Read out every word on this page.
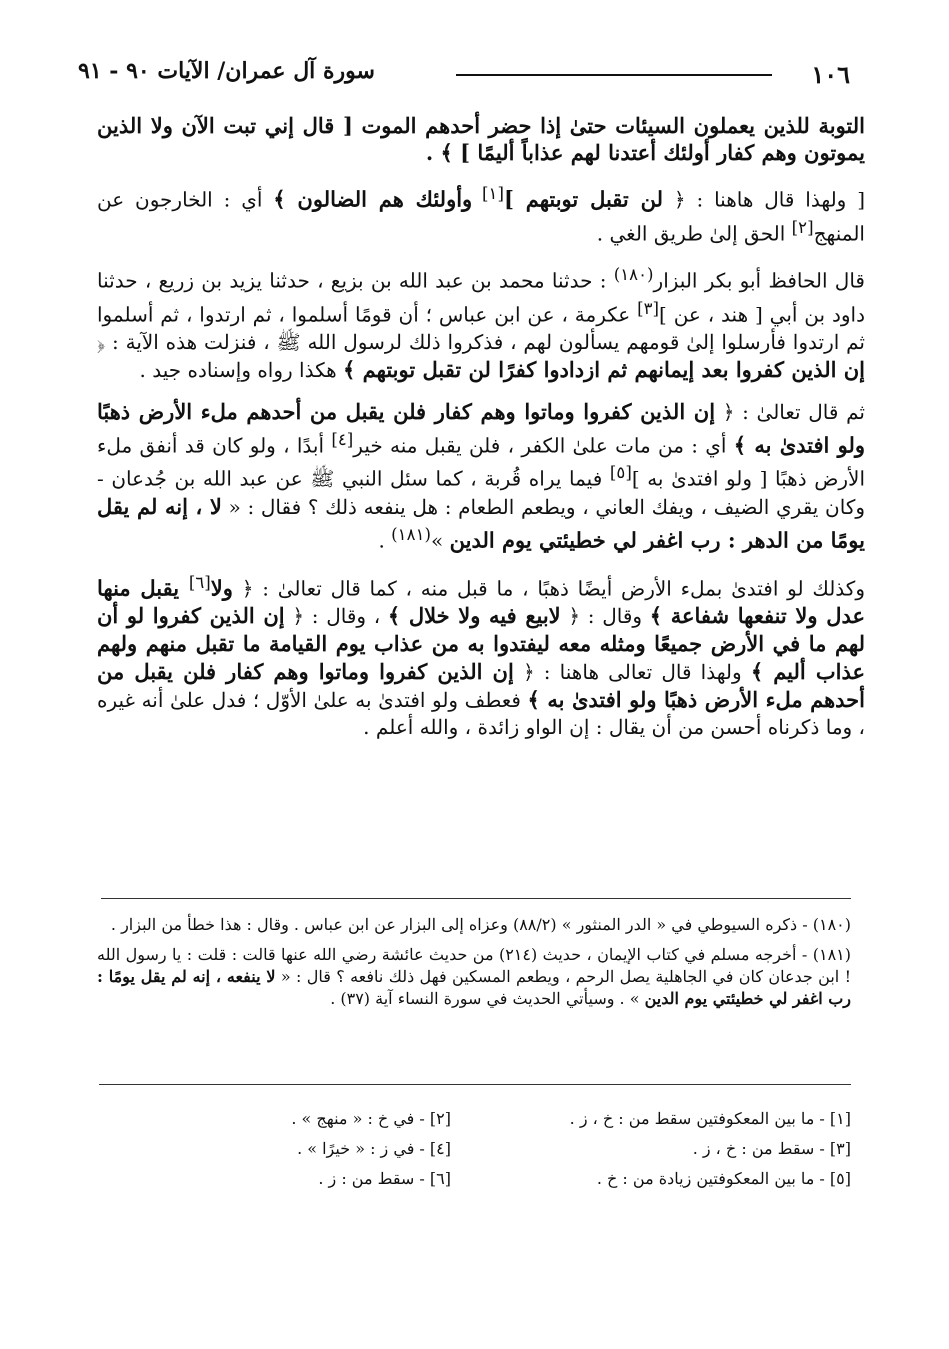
١٠٦
سورة آل عمران/ الآيات ٩٠ - ٩١

التوبة للذين يعملون السيئات حتىٰ إذا حضر أحدهم الموت [ قال إني تبت الآن ولا الذين يموتون وهم كفار أولئك أعتدنا لهم عذاباً أليمًا ] ﴾ .

[ ولهذا قال هاهنا : ﴿ لن تقبل توبتهم ][١] وأولئك هم الضالون ﴾ أي : الخارجون عن المنهج[٢] الحق إلىٰ طريق الغي .

قال الحافظ أبو بكر البزار$^{(١٨٠)}$ : حدثنا محمد بن عبد الله بن بزيع ، حدثنا يزيد بن زريع ، حدثنا داود بن أبي [ هند ، عن ][٣] عكرمة ، عن ابن عباس ؛ أن قومًا أسلموا ، ثم ارتدوا ، ثم أسلموا ثم ارتدوا فأرسلوا إلىٰ قومهم يسألون لهم ، فذكروا ذلك لرسول الله ﷺ ، فنزلت هذه الآية : ﴿ إن الذين كفروا بعد إيمانهم ثم ازدادوا كفرًا لن تقبل توبتهم ﴾ هكذا رواه وإسناده جيد .

ثم قال تعالىٰ : ﴿ إن الذين كفروا وماتوا وهم كفار فلن يقبل من أحدهم ملء الأرض ذهبًا ولو افتدىٰ به ﴾ أي : من مات علىٰ الكفر ، فلن يقبل منه خير[٤] أبدًا ، ولو كان قد أنفق ملء الأرض ذهبًا [ ولو افتدىٰ به ][٥] فيما يراه قُربة ، كما سئل النبي ﷺ عن عبد الله بن جُدعان - وكان يقري الضيف ، ويفك العاني ، ويطعم الطعام : هل ينفعه ذلك ؟ فقال : « لا ، إنه لم يقل يومًا من الدهر : رب اغفر لي خطيئتي يوم الدين »$^{(١٨١)}$ .

وكذلك لو افتدىٰ بملء الأرض أيضًا ذهبًا ، ما قبل منه ، كما قال تعالىٰ : ﴿ ولا[٦] يقبل منها عدل ولا تنفعها شفاعة ﴾ وقال : ﴿ لابيع فيه ولا خلال ﴾ ، وقال : ﴿ إن الذين كفروا لو أن لهم ما في الأرض جميعًا ومثله معه ليفتدوا به من عذاب يوم القيامة ما تقبل منهم ولهم عذاب أليم ﴾ ولهذا قال تعالى هاهنا : ﴿ إن الذين كفروا وماتوا وهم كفار فلن يقبل من أحدهم ملء الأرض ذهبًا ولو افتدىٰ به ﴾ فعطف ولو افتدىٰ به علىٰ الأوّل ؛ فدل علىٰ أنه غيره ، وما ذكرناه أحسن من أن يقال : إن الواو زائدة ، والله أعلم .

(١٨٠) - ذكره السيوطي في « الدر المنثور » (٨٨/٢) وعزاه إلى البزار عن ابن عباس . وقال : هذا خطأ من البزار .

(١٨١) - أخرجه مسلم في كتاب الإيمان ، حديث (٢١٤) من حديث عائشة رضي الله عنها قالت : قلت : يا رسول الله ! ابن جدعان كان في الجاهلية يصل الرحم ، ويطعم المسكين فهل ذلك نافعه ؟ قال : « لا ينفعه ، إنه لم يقل يومًا : رب اغفر لي خطيئتي يوم الدين » . وسيأتي الحديث في سورة النساء آية (٣٧) .

[١] - ما بين المعكوفتين سقط من : خ ، ز .
[٣] - سقط من : خ ، ز .
[٥] - ما بين المعكوفتين زيادة من : خ .
[٢] - في خ : « منهج » .
[٤] - في ز : « خيرًا » .
[٦] - سقط من : ز .
